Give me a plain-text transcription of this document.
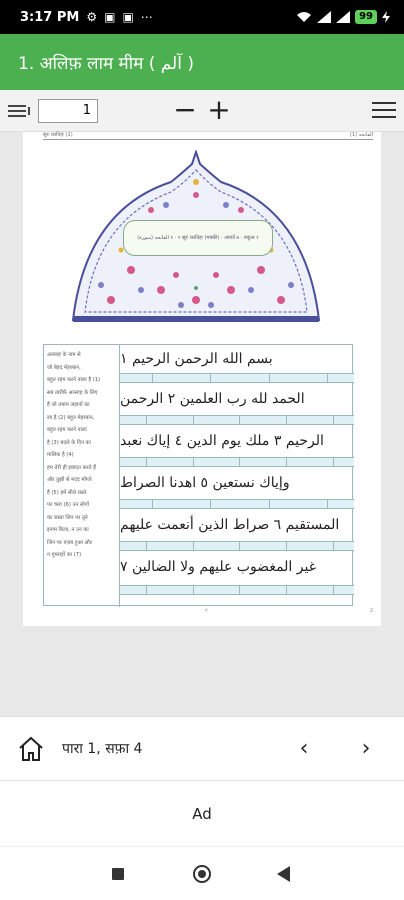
3:17 PM ⚙ ▣ ▣ ⋯	99
1. अलिफ़ लाम मीम ( آلم )
1
− +
सूरः फ़ातिहः (1)	الفاتحة (1)
(سورة) الفاتحة १ · १ सूरः फ़ातिहः (मक्की) · आयतें ७ · रुकूअ १
अल्लाह के नाम से
जो बेहद मेहरबान,
बहुत रहम करने वाला है (1)
सब तारीफ़ें अल्लाह के लिए
हैं जो तमाम जहानों का
रब है (2) बहुत मेहरबान,
बहुत रहम करने वाला
है (3) बदले के दिन का
मालिक है (4)
हम तेरी ही इबादत करते हैं
और तुझी से मदद माँगते
हैं (5) हमें सीधे रास्ते
पर चला (6) उन लोगों
का रास्ता जिन पर तूने
इनाम किया, न उन का
जिन पर ग़ज़ब हुआ और
न गुमराहों का (7)
بسم الله الرحمن الرحيم ١
الحمد لله رب العلمين ٢ الرحمن
الرحيم ٣ ملك يوم الدين ٤ إياك نعبد
وإياك نستعين ٥ اهدنا الصراط
المستقيم ٦ صراط الذين أنعمت عليهم
غير المغضوب عليهم ولا الضالين ٧
٢	2
पारा 1, सफ़ा 4	‹	›
Ad
